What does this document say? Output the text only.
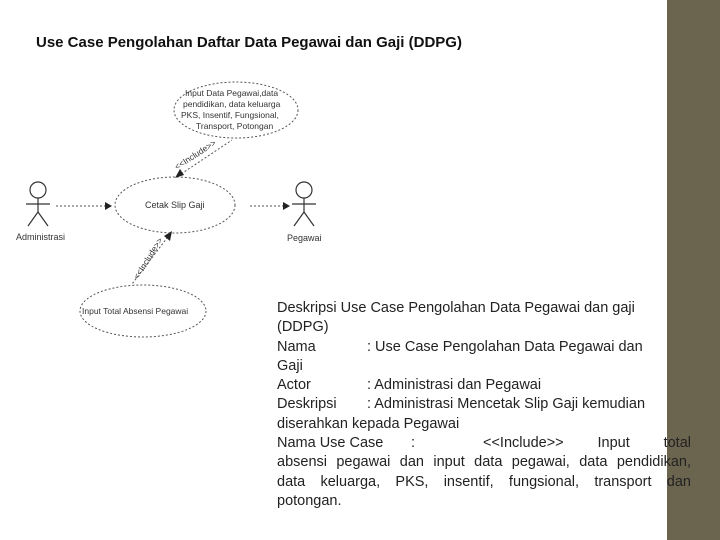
Use Case Pengolahan Daftar Data Pegawai dan Gaji (DDPG)
Administrasi	Pegawai
Input Data Pegawai,data
pendidikan, data keluarga
PKS, Insentif, Fungsional,
Transport, Potongan
Cetak Slip Gaji
Input Total Absensi Pegawai
<<Include>>
<<Include>>
Deskripsi Use Case Pengolahan Data Pegawai dan gaji
(DDPG)
Nama	: Use Case Pengolahan Data Pegawai dan
Gaji
Actor	: Administrasi dan Pegawai
Deskripsi : Administrasi Mencetak Slip Gaji kemudian
diserahkan kepada Pegawai
Nama Use Case	:	<<Include>> Input total
absensi pegawai dan input data pegawai, data pendidikan,
data keluarga, PKS, insentif, fungsional, transport dan
potongan.
